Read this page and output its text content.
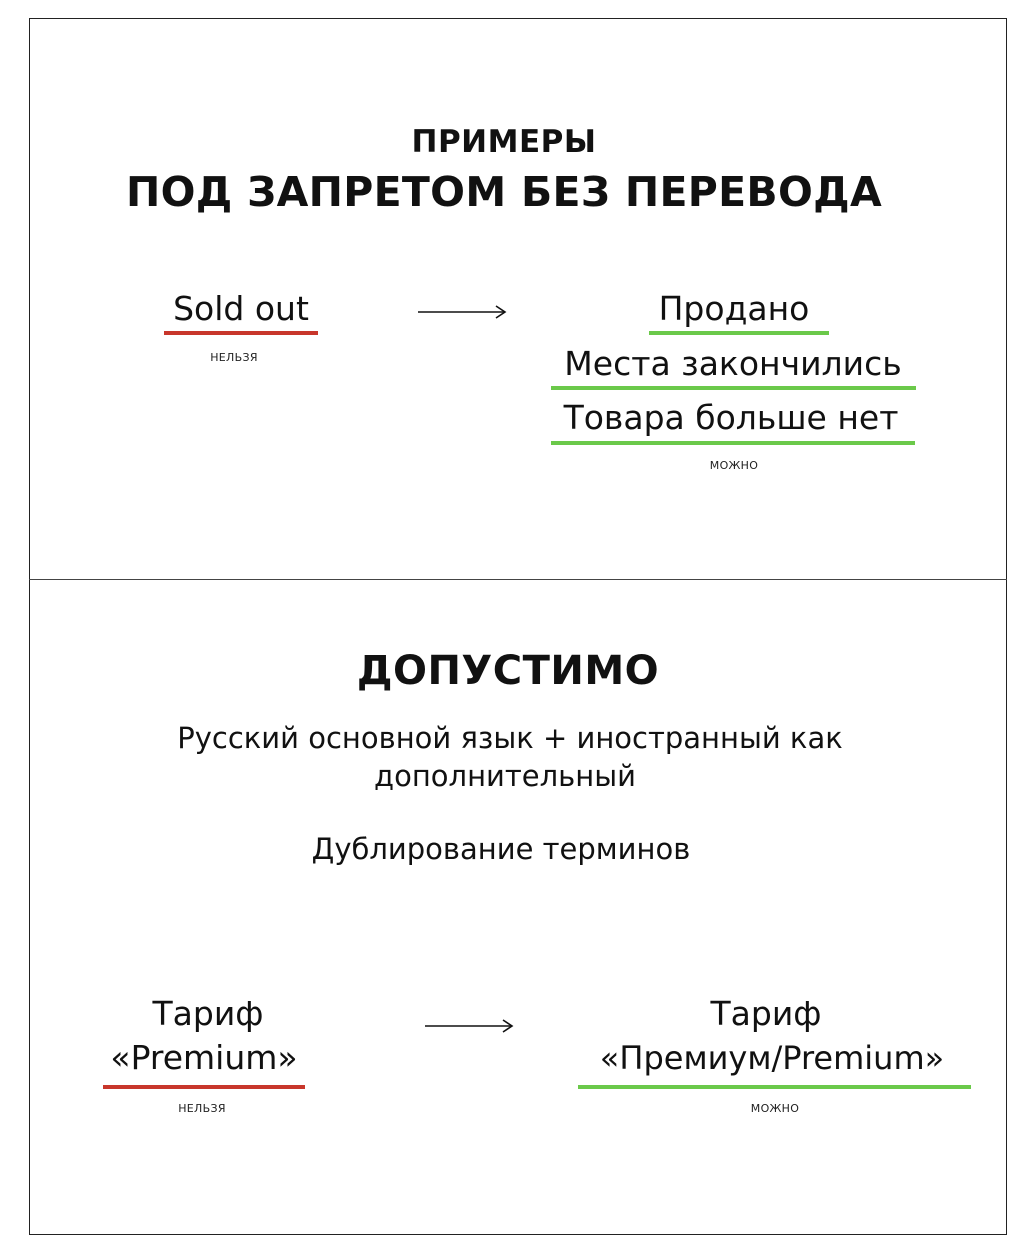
ПРИМЕРЫ
ПОД ЗАПРЕТОМ БЕЗ ПЕРЕВОДА
Sold out
НЕЛЬЗЯ
Продано
Места закончились
Товара больше нет
МОЖНО
ДОПУСТИМО
Русский основной язык + иностранный как
дополнительный
Дублирование терминов
Тариф
«Premium»
НЕЛЬЗЯ
Тариф
«Премиум/Premium»
МОЖНО
